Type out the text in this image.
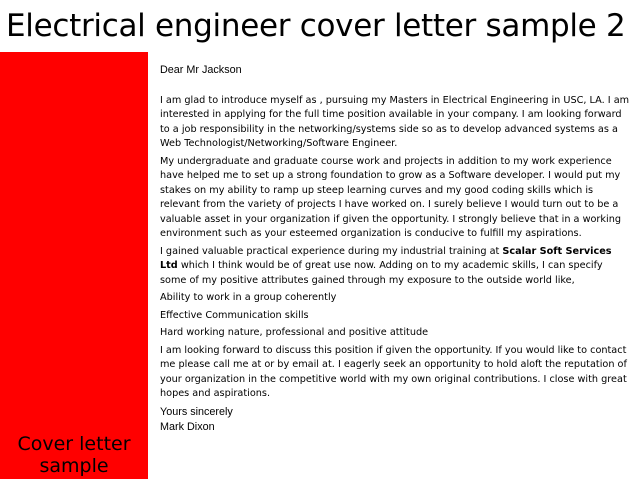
Electrical engineer cover letter sample 2
Cover letter
sample

Dear Mr Jackson

I am glad to introduce myself as , pursuing my Masters in Electrical Engineering in USC, LA. I am interested in applying for the full time position available in your company. I am looking forward to a job responsibility in the networking/systems side so as to develop advanced systems as a Web Technologist/Networking/Software Engineer.

My undergraduate and graduate course work and projects in addition to my work experience have helped me to set up a strong foundation to grow as a Software developer. I would put my stakes on my ability to ramp up steep learning curves and my good coding skills which is relevant from the variety of projects I have worked on. I surely believe I would turn out to be a valuable asset in your organization if given the opportunity. I strongly believe that in a working environment such as your esteemed organization is conducive to fulfill my aspirations.

I gained valuable practical experience during my industrial training at Scalar Soft Services Ltd which I think would be of great use now. Adding on to my academic skills, I can specify some of my positive attributes gained through my exposure to the outside world like,

Ability to work in a group coherently

Effective Communication skills

Hard working nature, professional and positive attitude

I am looking forward to discuss this position if given the opportunity. If you would like to contact me please call me at or by email at. I eagerly seek an opportunity to hold aloft the reputation of your organization in the competitive world with my own original contributions. I close with great hopes and aspirations.

Yours sincerely

Mark Dixon
